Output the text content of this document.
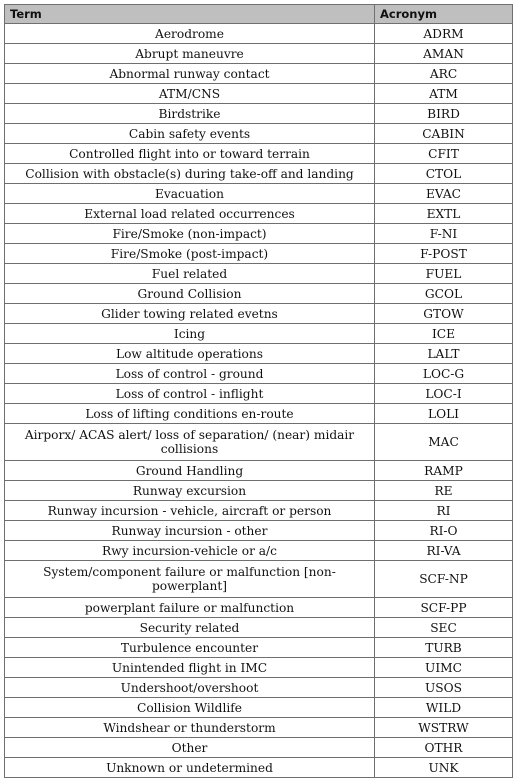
Term	Acronym
Aerodrome	ADRM
Abrupt maneuvre	AMAN
Abnormal runway contact	ARC
ATM/CNS	ATM
Birdstrike	BIRD
Cabin safety events	CABIN
Controlled flight into or toward terrain	CFIT
Collision with obstacle(s) during take-off and landing	CTOL
Evacuation	EVAC
External load related occurrences	EXTL
Fire/Smoke (non-impact)	F-NI
Fire/Smoke (post-impact)	F-POST
Fuel related	FUEL
Ground Collision	GCOL
Glider towing related evetns	GTOW
Icing	ICE
Low altitude operations	LALT
Loss of control - ground	LOC-G
Loss of control - inflight	LOC-I
Loss of lifting conditions en-route	LOLI
Airporx/ ACAS alert/ loss of separation/ (near) midair collisions	MAC
Ground Handling	RAMP
Runway excursion	RE
Runway incursion - vehicle, aircraft or person	RI
Runway incursion - other	RI-O
Rwy incursion-vehicle or a/c	RI-VA
System/component failure or malfunction [non-powerplant]	SCF-NP
powerplant failure or malfunction	SCF-PP
Security related	SEC
Turbulence encounter	TURB
Unintended flight in IMC	UIMC
Undershoot/overshoot	USOS
Collision Wildlife	WILD
Windshear or thunderstorm	WSTRW
Other	OTHR
Unknown or undetermined	UNK
